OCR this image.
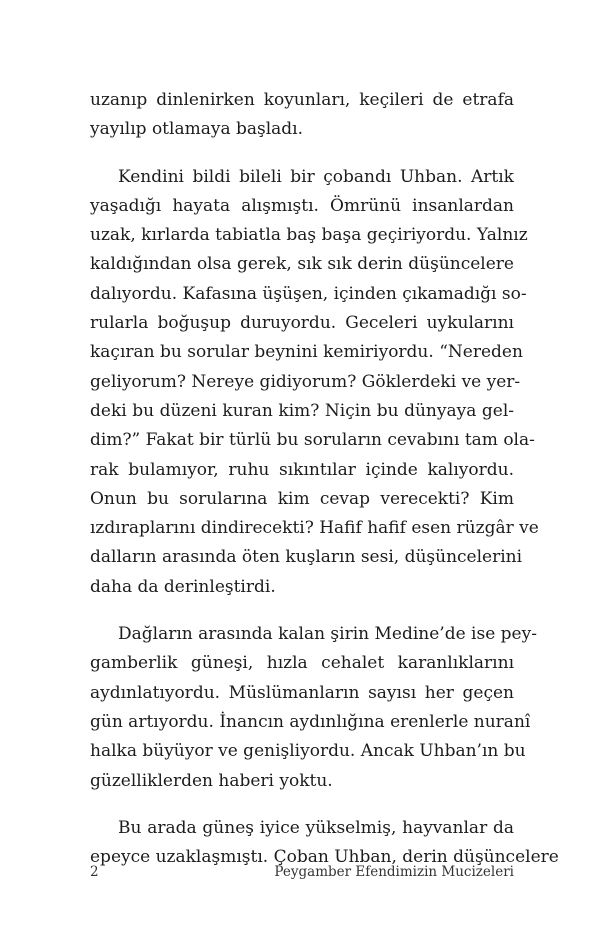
uzanıp dinlenirken koyunları, keçileri de etrafa
yayılıp otlamaya başladı.

Kendini bildi bileli bir çobandı Uhban. Artık
yaşadığı hayata alışmıştı. Ömrünü insanlardan
uzak, kırlarda tabiatla baş başa geçiriyordu. Yalnız
kaldığından olsa gerek, sık sık derin düşüncelere
dalıyordu. Kafasına üşüşen, içinden çıkamadığı so-
rularla boğuşup duruyordu. Geceleri uykularını
kaçıran bu sorular beynini kemiriyordu. “Nereden
geliyorum? Nereye gidiyorum? Göklerdeki ve yer-
deki bu düzeni kuran kim? Niçin bu dünyaya gel-
dim?” Fakat bir türlü bu soruların cevabını tam ola-
rak bulamıyor, ruhu sıkıntılar içinde kalıyordu.
Onun bu sorularına kim cevap verecekti? Kim
ızdıraplarını dindirecekti? Hafif hafif esen rüzgâr ve
dalların arasında öten kuşların sesi, düşüncelerini
daha da derinleştirdi.

Dağların arasında kalan şirin Medine’de ise pey-
gamberlik güneşi, hızla cehalet karanlıklarını
aydınlatıyordu. Müslümanların sayısı her geçen
gün artıyordu. İnancın aydınlığına erenlerle nuranî
halka büyüyor ve genişliyordu. Ancak Uhban’ın bu
güzelliklerden haberi yoktu.

Bu arada güneş iyice yükselmiş, hayvanlar da
epeyce uzaklaşmıştı. Çoban Uhban, derin düşüncelere

2	Peygamber Efendimizin Mucizeleri
